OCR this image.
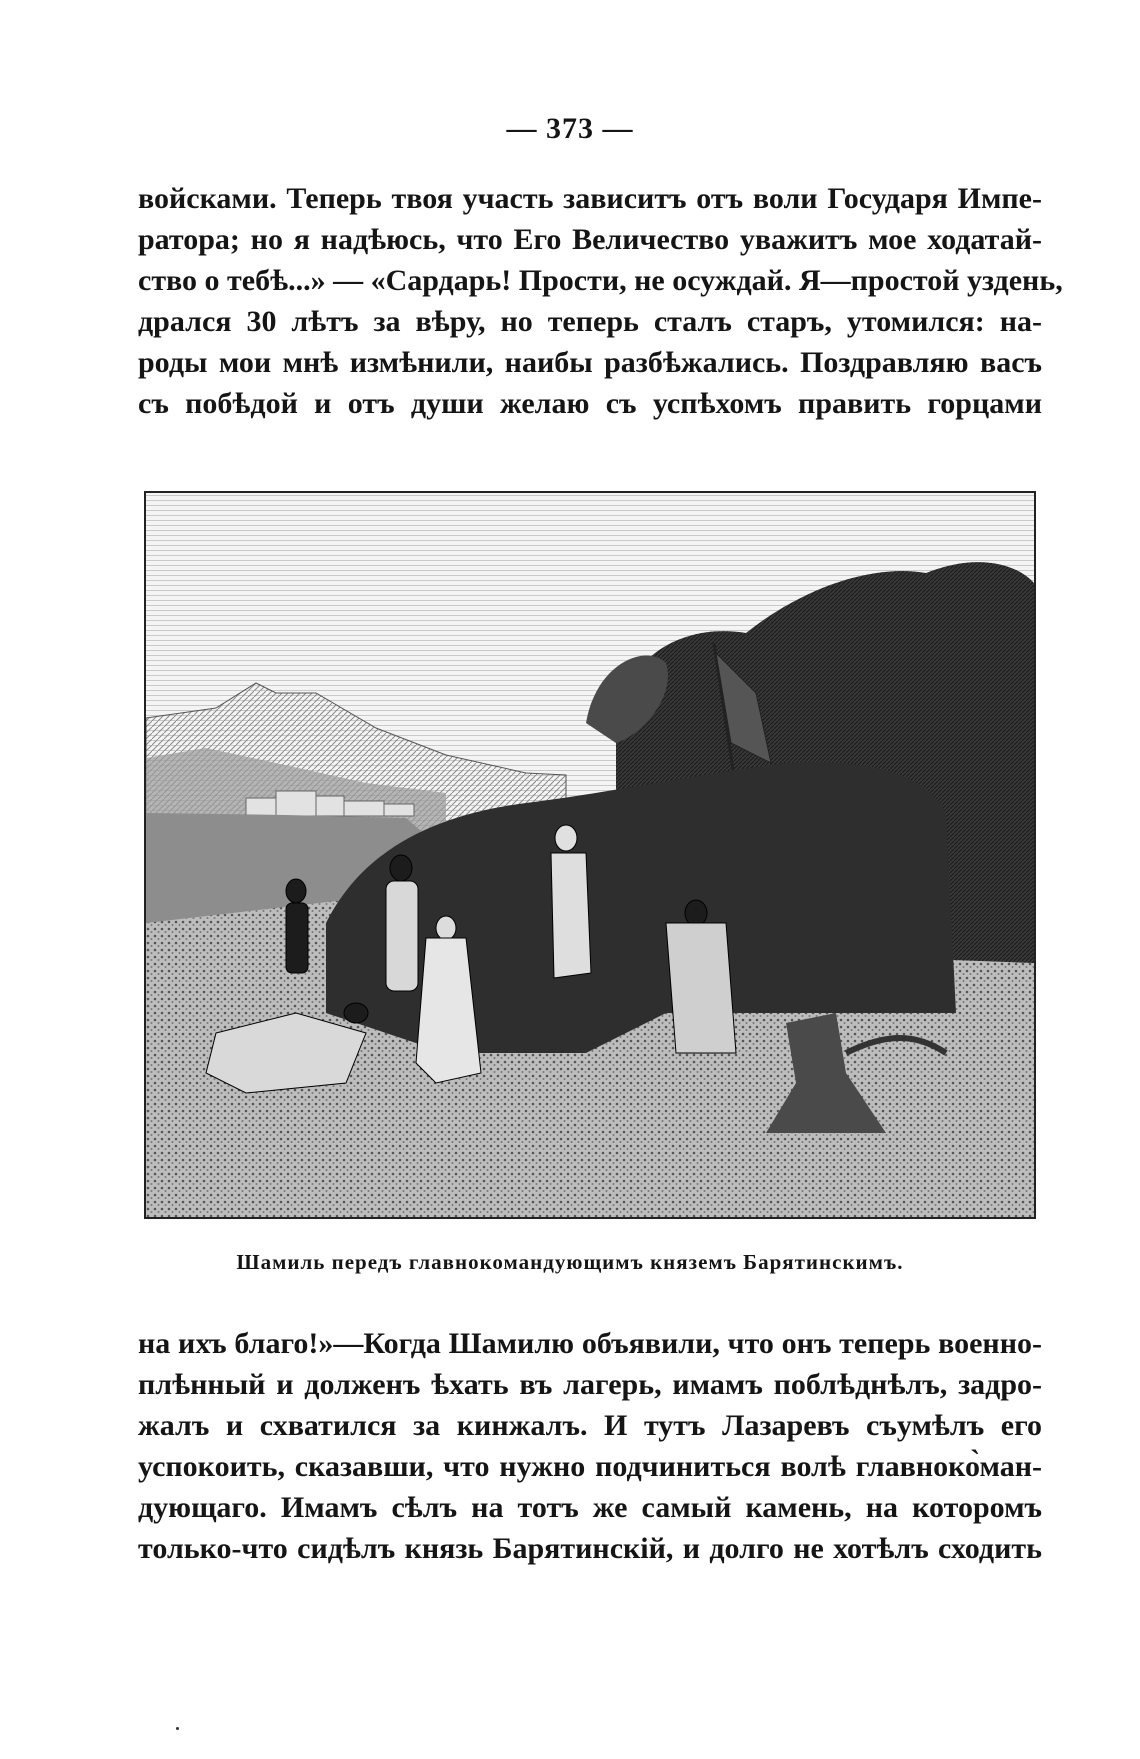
— 373 —
войсками. Теперь твоя участь зависитъ отъ воли Государя Импе-
ратора; но я надѣюсь, что Его Величество уважитъ мое ходатай-
ство о тебѣ...» — «Сардарь! Прости, не осуждай. Я—простой уздень,
дрался 30 лѣтъ за вѣру, но теперь сталъ старъ, утомился: на-
роды мои мнѣ измѣнили, наибы разбѣжались. Поздравляю васъ
съ побѣдой и отъ души желаю съ успѣхомъ править горцами
Шамиль передъ главнокомандующимъ княземъ Барятинскимъ.
на ихъ благо!»—Когда Шамилю объявили, что онъ теперь военно-
плѣнный и долженъ ѣхать въ лагерь, имамъ поблѣднѣлъ, задро-
жалъ и схватился за кинжалъ. И тутъ Лазаревъ съумѣлъ его
успокоить, сказавши, что нужно подчиниться волѣ главноко̀ман-
дующаго. Имамъ сѣлъ на тотъ же самый камень, на которомъ
только-что сидѣлъ князь Барятинскій, и долго не хотѣлъ сходить
